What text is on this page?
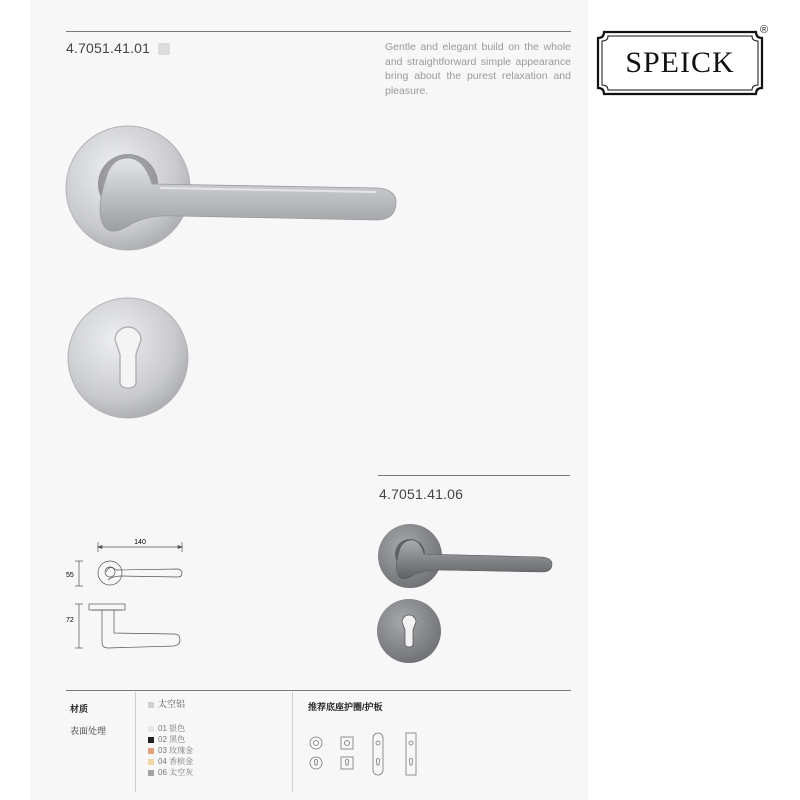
4.7051.41.01	Gentle and elegant build on the whole and straightforward simple appearance bring about the purest relaxation and pleasure.
SPEICK
®
4.7051.41.06
140
55
72
材质
表面处理
太空铝
01 银色
02 黑色
03 玫瑰金
04 香槟金
06 太空灰
推荐底座护圈/护板
